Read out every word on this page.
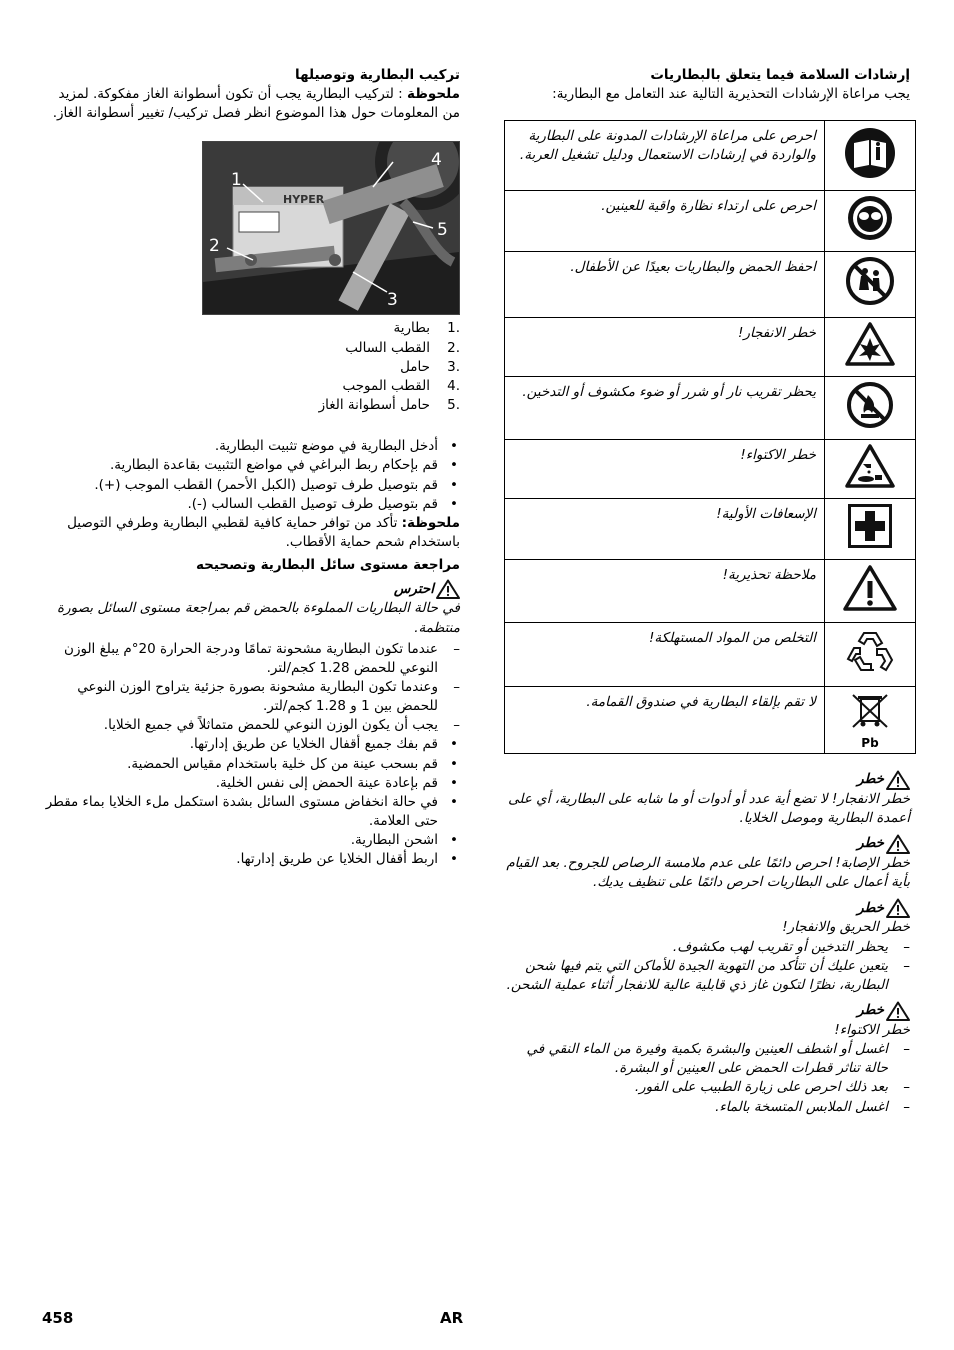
إرشادات السلامة فيما يتعلق بالبطاريات

يجب مراعاة الإرشادات التحذيرية التالية عند التعامل مع البطارية:

	احرص على مراعاة الإرشادات المدونة على البطارية والواردة في إرشادات الاستعمال ودليل تشغيل العربة.
	احرص على ارتداء نظارة واقية للعينين.
	احفظ الحمض والبطاريات بعيدًا عن الأطفال.
	خطر الانفجار!
	يحظر تقريب نار أو شرر أو ضوء مكشوف أو التدخين.
	خطر الاكتواء!
	الإسعافات الأولية!
	ملاحظة تحذيرية!
	التخلص من المواد المستهلكة!

Pb	لا تقم بإلقاء البطارية في صندوق القمامة.
خطر

خطر الانفجار! لا تضع أية عدد أو أدوات أو ما شابه على البطارية، أي على أعمدة البطارية وموصل الخلايا.

خطر

خطر الإصابة! احرص دائمًا على عدم ملامسة الرصاص للجروح. بعد القيام بأية أعمال على البطاريات احرص دائمًا على تنظيف يديك.

خطر

خطر الحريق والانفجار!

– يحظر التدخين أو تقريب لهب مكشوف.
– يتعين عليك أن تتأكد من التهوية الجيدة للأماكن التي يتم فيها شحن البطارية، نظرًا لتكون غاز ذي قابلية عالية للانفجار أثناء عملية الشحن.
خطر

خطر الاكتواء!

– اغسل أو اشطف العينين والبشرة بكمية وفيرة من الماء النقي في حالة تناثر قطرات الحمض على العينين أو البشرة.
– بعد ذلك احرص على زيارة الطبيب على الفور.
– اغسل الملابس المتسخة بالماء.

تركيب البطارية وتوصيلها

ملحوظة : لتركيب البطارية يجب أن تكون أسطوانة الغاز مفكوكة. لمزيد من المعلومات حول هذا الموضوع انظر فصل تركيب/ تغيير أسطوانة الغاز.

HYPER
1
2
3
4
5
1.
بطارية
2.
القطب السالب
3.
حامل
4.
القطب الموجب
5.
حامل أسطوانة الغاز
• أدخل البطارية في موضع تثبيت البطارية.
• قم بإحكام ربط البراغي في مواضع التثبيت بقاعدة البطارية.
• قم بتوصيل طرف توصيل (الكبل الأحمر) القطب الموجب (+).
• قم بتوصيل طرف توصيل القطب السالب (-).

ملحوظة: تأكد من توافر حماية كافية لقطبي البطارية وطرفي التوصيل باستخدام شحم حماية الأقطاب.

مراجعة مستوى سائل البطارية وتصحيحه

احترس

في حالة البطاريات المملوءة بالحمض قم بمراجعة مستوى السائل بصورة منتظمة.

– عندما تكون البطارية مشحونة تمامًا ودرجة الحرارة 20°م يبلغ الوزن النوعي للحمض 1.28 كجم/لتر.
– وعندما تكون البطارية مشحونة بصورة جزئية يتراوح الوزن النوعي للحمض بين 1 و 1.28 كجم/لتر.
– يجب أن يكون الوزن النوعي للحمض متماثلاً في جميع الخلايا.
• قم بفك جميع أقفال الخلايا عن طريق إدارتها.
• قم بسحب عينة من كل خلية باستخدام مقياس الحمضية.
• قم بإعادة عينة الحمض إلى نفس الخلية.
• في حالة انخفاض مستوى السائل بشدة استكمل ملء الخلايا بماء مقطر حتى العلامة.
• اشحن البطارية.
• اربط أقفال الخلايا عن طريق إدارتها.
458	AR
